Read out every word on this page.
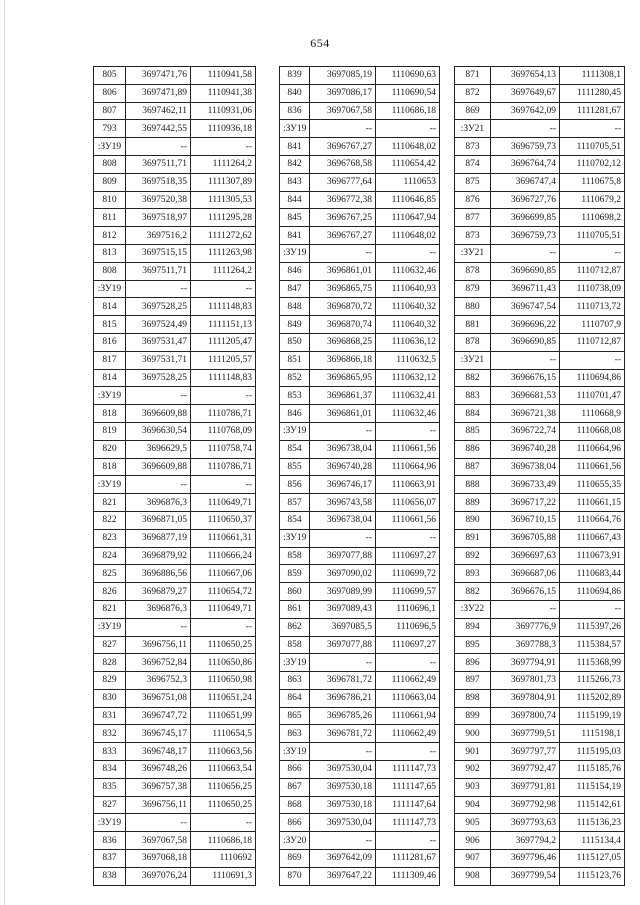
654
805	3697471,76	1110941,58
806	3697471,89	1110941,38
807	3697462,11	1110931,06
793	3697442,55	1110936,18
:ЗУ19	--	--
808	3697511,71	1111264,2
809	3697518,35	1111307,89
810	3697520,38	1111305,53
811	3697518,97	1111295,28
812	3697516,2	1111272,62
813	3697515,15	1111263,98
808	3697511,71	1111264,2
:ЗУ19	--	--
814	3697528,25	1111148,83
815	3697524,49	1111151,13
816	3697531,47	1111205,47
817	3697531,71	1111205,57
814	3697528,25	1111148,83
:ЗУ19	--	--
818	3696609,88	1110786,71
819	3696630,54	1110768,09
820	3696629,5	1110758,74
818	3696609,88	1110786,71
:ЗУ19	--	--
821	3696876,3	1110649,71
822	3696871,05	1110650,37
823	3696877,19	1110661,31
824	3696879,92	1110666,24
825	3696886,56	1110667,06
826	3696879,27	1110654,72
821	3696876,3	1110649,71
:ЗУ19	--	--
827	3696756,11	1110650,25
828	3696752,84	1110650,86
829	3696752,3	1110650,98
830	3696751,08	1110651,24
831	3696747,72	1110651,99
832	3696745,17	1110654,5
833	3696748,17	1110663,56
834	3696748,26	1110663,54
835	3696757,38	1110656,25
827	3696756,11	1110650,25
:ЗУ19	--	--
836	3697067,58	1110686,18
837	3697068,18	1110692
838	3697076,24	1110691,3
839	3697085,19	1110690,63
840	3697086,17	1110690,54
836	3697067,58	1110686,18
:ЗУ19	--	--
841	3696767,27	1110648,02
842	3696768,58	1110654,42
843	3696777,64	1110653
844	3696772,38	1110646,85
845	3696767,25	1110647,94
841	3696767,27	1110648,02
:ЗУ19	--	--
846	3696861,01	1110632,46
847	3696865,75	1110640,93
848	3696870,72	1110640,32
849	3696870,74	1110640,32
850	3696868,25	1110636,12
851	3696866,18	1110632,5
852	3696865,95	1110632,12
853	3696861,37	1110632,41
846	3696861,01	1110632,46
:ЗУ19	--	--
854	3696738,04	1110661,56
855	3696740,28	1110664,96
856	3696746,17	1110663,91
857	3696743,58	1110656,07
854	3696738,04	1110661,56
:ЗУ19	--	--
858	3697077,88	1110697,27
859	3697090,02	1110699,72
860	3697089,99	1110699,57
861	3697089,43	1110696,1
862	3697085,5	1110696,5
858	3697077,88	1110697,27
:ЗУ19	--	--
863	3696781,72	1110662,49
864	3696786,21	1110663,04
865	3696785,26	1110661,94
863	3696781,72	1110662,49
:ЗУ19	--	--
866	3697530,04	1111147,73
867	3697530,18	1111147,65
868	3697530,18	1111147,64
866	3697530,04	1111147,73
:ЗУ20	--	--
869	3697642,09	1111281,67
870	3697647,22	1111309,46
871	3697654,13	1111308,1
872	3697649,67	1111280,45
869	3697642,09	1111281,67
:ЗУ21	--	--
873	3696759,73	1110705,51
874	3696764,74	1110702,12
875	3696747,4	1110675,8
876	3696727,76	1110679,2
877	3696699,85	1110698,2
873	3696759,73	1110705,51
:ЗУ21	--	--
878	3696690,85	1110712,87
879	3696711,43	1110738,09
880	3696747,54	1110713,72
881	3696696,22	1110707,9
878	3696690,85	1110712,87
:ЗУ21	--	--
882	3696676,15	1110694,86
883	3696681,53	1110701,47
884	3696721,38	1110668,9
885	3696722,74	1110668,08
886	3696740,28	1110664,96
887	3696738,04	1110661,56
888	3696733,49	1110655,35
889	3696717,22	1110661,15
890	3696710,15	1110664,76
891	3696705,88	1110667,43
892	3696697,63	1110673,91
893	3696687,06	1110683,44
882	3696676,15	1110694,86
:ЗУ22	--	--
894	3697776,9	1115397,26
895	3697788,3	1115384,57
896	3697794,91	1115368,99
897	3697801,73	1115266,73
898	3697804,91	1115202,89
899	3697800,74	1115199,19
900	3697799,51	1115198,1
901	3697797,77	1115195,03
902	3697792,47	1115185,76
903	3697791,81	1115154,19
904	3697792,98	1115142,61
905	3697793,63	1115136,23
906	3697794,2	1115134,4
907	3697796,46	1115127,05
908	3697799,54	1115123,76
